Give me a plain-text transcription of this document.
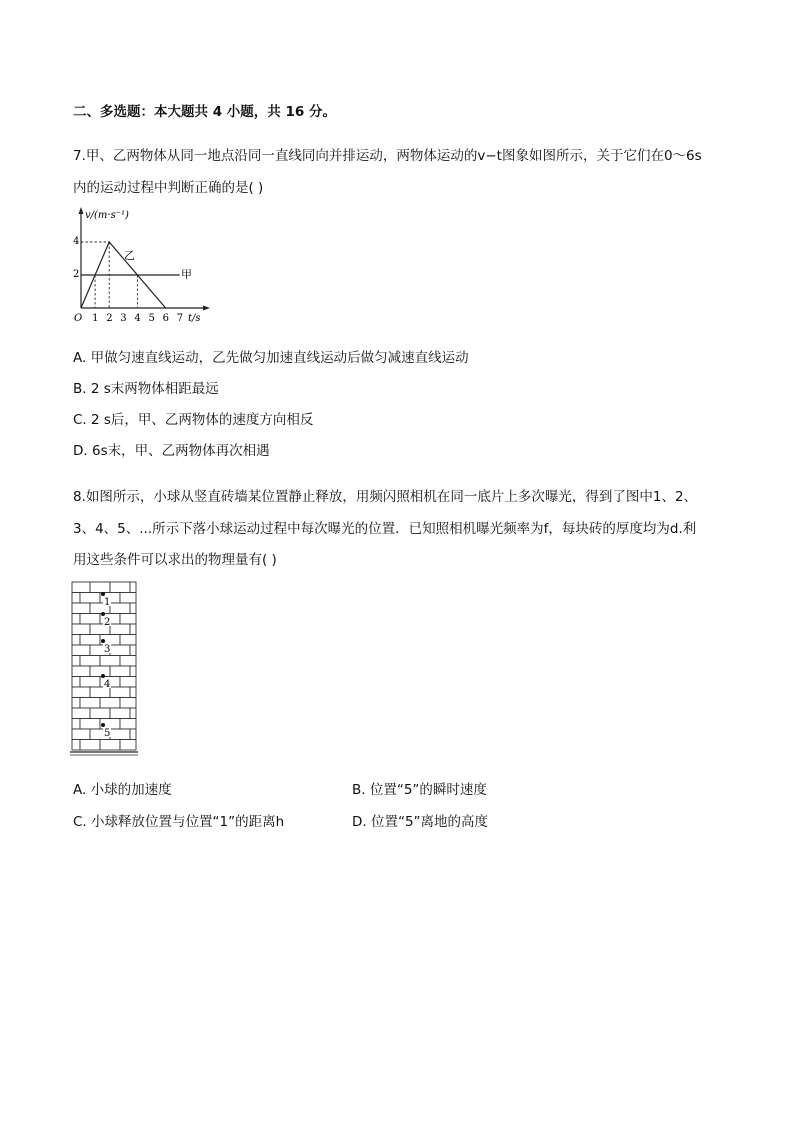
二、多选题：本大题共 4 小题，共 16 分。
7.甲、乙两物体从同一地点沿同一直线同向并排运动，两物体运动的v−t图象如图所示，关于它们在0～6s
内的运动过程中判断正确的是( )
v/(m·s⁻¹)
4
2
O 1 2 3 4 5 6 7 t/s
乙
甲
A. 甲做匀速直线运动，乙先做匀加速直线运动后做匀减速直线运动
B. 2 s末两物体相距最远
C. 2 s后，甲、乙两物体的速度方向相反
D. 6s末，甲、乙两物体再次相遇
8.如图所示，小球从竖直砖墙某位置静止释放，用频闪照相机在同一底片上多次曝光，得到了图中1、2、
3、4、5、...所示下落小球运动过程中每次曝光的位置．已知照相机曝光频率为f，每块砖的厚度均为d.利
用这些条件可以求出的物理量有( )
1
2
3
4
5
A. 小球的加速度	B. 位置“5”的瞬时速度
C. 小球释放位置与位置“1”的距离h	D. 位置“5”离地的高度
